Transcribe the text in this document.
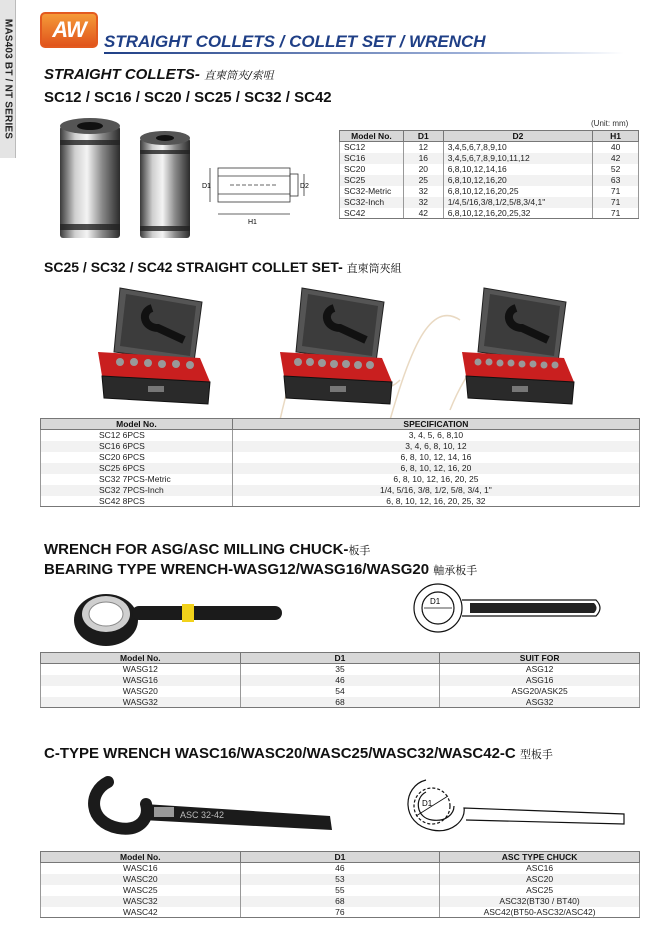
MAS403 BT / NT SERIES AW STRAIGHT COLLETS / COLLET SET / WRENCH
STRAIGHT COLLETS- 直柬筒夾/索咀
SC12 / SC16 / SC20 / SC25 / SC32 / SC42
D1	D2
H1
(Unit: mm)
Model No.	D1	D2	H1
SC12	12	3,4,5,6,7,8,9,10	40
SC16	16	3,4,5,6,7,8,9,10,11,12	42
SC20	20	6,8,10,12,14,16	52
SC25	25	6,8,10,12,16,20	63
SC32-Metric	32	6,8,10,12,16,20,25	71
SC32-Inch	32	1/4,5/16,3/8,1/2,5/8,3/4,1"	71
SC42	42	6,8,10,12,16,20,25,32	71
SC25 / SC32 / SC42 STRAIGHT COLLET SET- 直柬筒夾組
Model No.	SPECIFICATION
SC12 6PCS	3, 4, 5, 6, 8,10
SC16 6PCS	3, 4, 6, 8, 10, 12
SC20 6PCS	6, 8, 10, 12, 14, 16
SC25 6PCS	6, 8, 10, 12, 16, 20
SC32 7PCS-Metric	6, 8, 10, 12, 16, 20, 25
SC32 7PCS-Inch	1/4, 5/16, 3/8, 1/2, 5/8, 3/4, 1"
SC42 8PCS	6, 8, 10, 12, 16, 20, 25, 32
WRENCH FOR ASG/ASC MILLING CHUCK-板手
BEARING TYPE WRENCH-WASG12/WASG16/WASG20 軸承板手
D1
Model No.	D1	SUIT FOR
WASG12	35	ASG12
WASG16	46	ASG16
WASG20	54	ASG20/ASK25
WASG32	68	ASG32
C-TYPE WRENCH WASC16/WASC20/WASC25/WASC32/WASC42-C 型板手
ASC 32-42
D1
Model No.	D1	ASC TYPE CHUCK
WASC16	46	ASC16
WASC20	53	ASC20
WASC25	55	ASC25
WASC32	68	ASC32(BT30 / BT40)
WASC42	76	ASC42(BT50-ASC32/ASC42)
